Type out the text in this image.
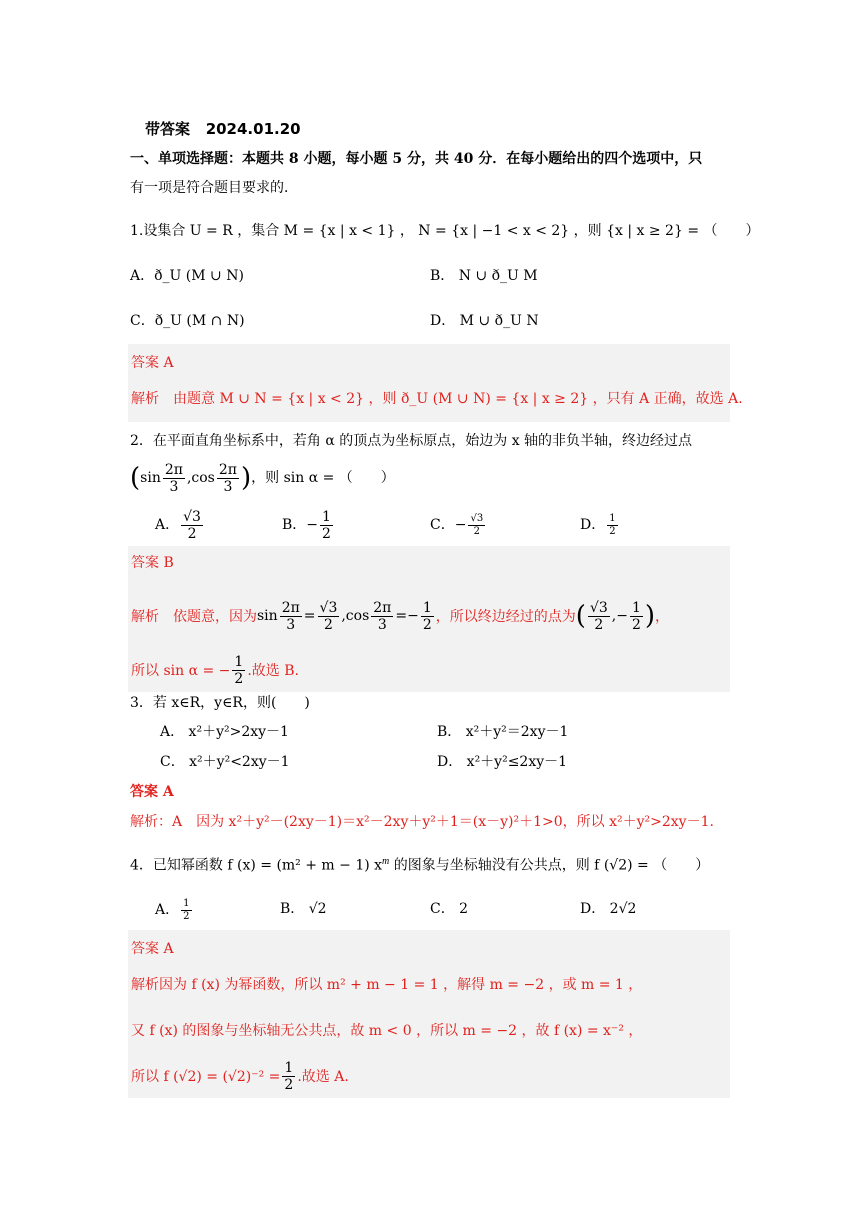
带答案 2024.01.20
一、单项选择题：本题共 8 小题，每小题 5 分，共 40 分．在每小题给出的四个选项中，只
有一项是符合题目要求的．
1.设集合 U = R ，集合 M = {x | x < 1} ， N = {x | −1 < x < 2} ，则 {x | x ≥ 2} = （　　）
A．ð_U (M ∪ N)	B． N ∪ ð_U M
C．ð_U (M ∩ N)	D． M ∪ ð_U N
答案 A
解析　由题意 M ∪ N = {x | x < 2} ，则 ð_U (M ∪ N) = {x | x ≥ 2} ，只有 A 正确，故选 A.
2．在平面直角坐标系中，若角 α 的顶点为坐标原点，始边为 x 轴的非负半轴，终边经过点
( $\sin \frac{2\pi}{3} ,\cos \frac{2\pi}{3}$ ) ，则 sin α = （　　）
A． $\frac{√3}{2}$	B． − $\frac{1}{2}$	C． − $\frac{√3}{2}$	D． $\frac{1}{2}$
答案 B
解析　依题意，因为 $\sin \frac{2\pi}{3} = \frac{√3}{2} ,\cos \frac{2\pi}{3} =- \frac{1}{2}$ ，所以终边经过的点为 ( $\frac{√3}{2}$ ,− $\frac{1}{2}$ ) ，
所以 sin α = − $\frac{1}{2}$ .故选 B.
3．若 x∈R，y∈R，则(　　)
A． x²＋y²>2xy－1	B． x²＋y²＝2xy－1
C． x²＋y²<2xy－1	D． x²＋y²≤2xy－1
答案 A
解析：A　因为 x²＋y²－(2xy－1)＝x²－2xy＋y²＋1＝(x－y)²＋1>0，所以 x²＋y²>2xy－1.
4．已知幂函数 f (x) = (m² + m − 1) $x^m$ 的图象与坐标轴没有公共点，则 f (√2) = （　　）
A． $\frac{1}{2}$	B． √2	C． 2	D． 2√2
答案 A
解析因为 f (x) 为幂函数，所以 m² + m − 1 = 1 ，解得 m = −2 ，或 m = 1 ，
又 f (x) 的图象与坐标轴无公共点，故 m < 0 ，所以 m = −2 ，故 f (x) = x⁻² ，
所以 f $(√2) = (√2)^{-2} = \frac{1}{2}$ .故选 A.
